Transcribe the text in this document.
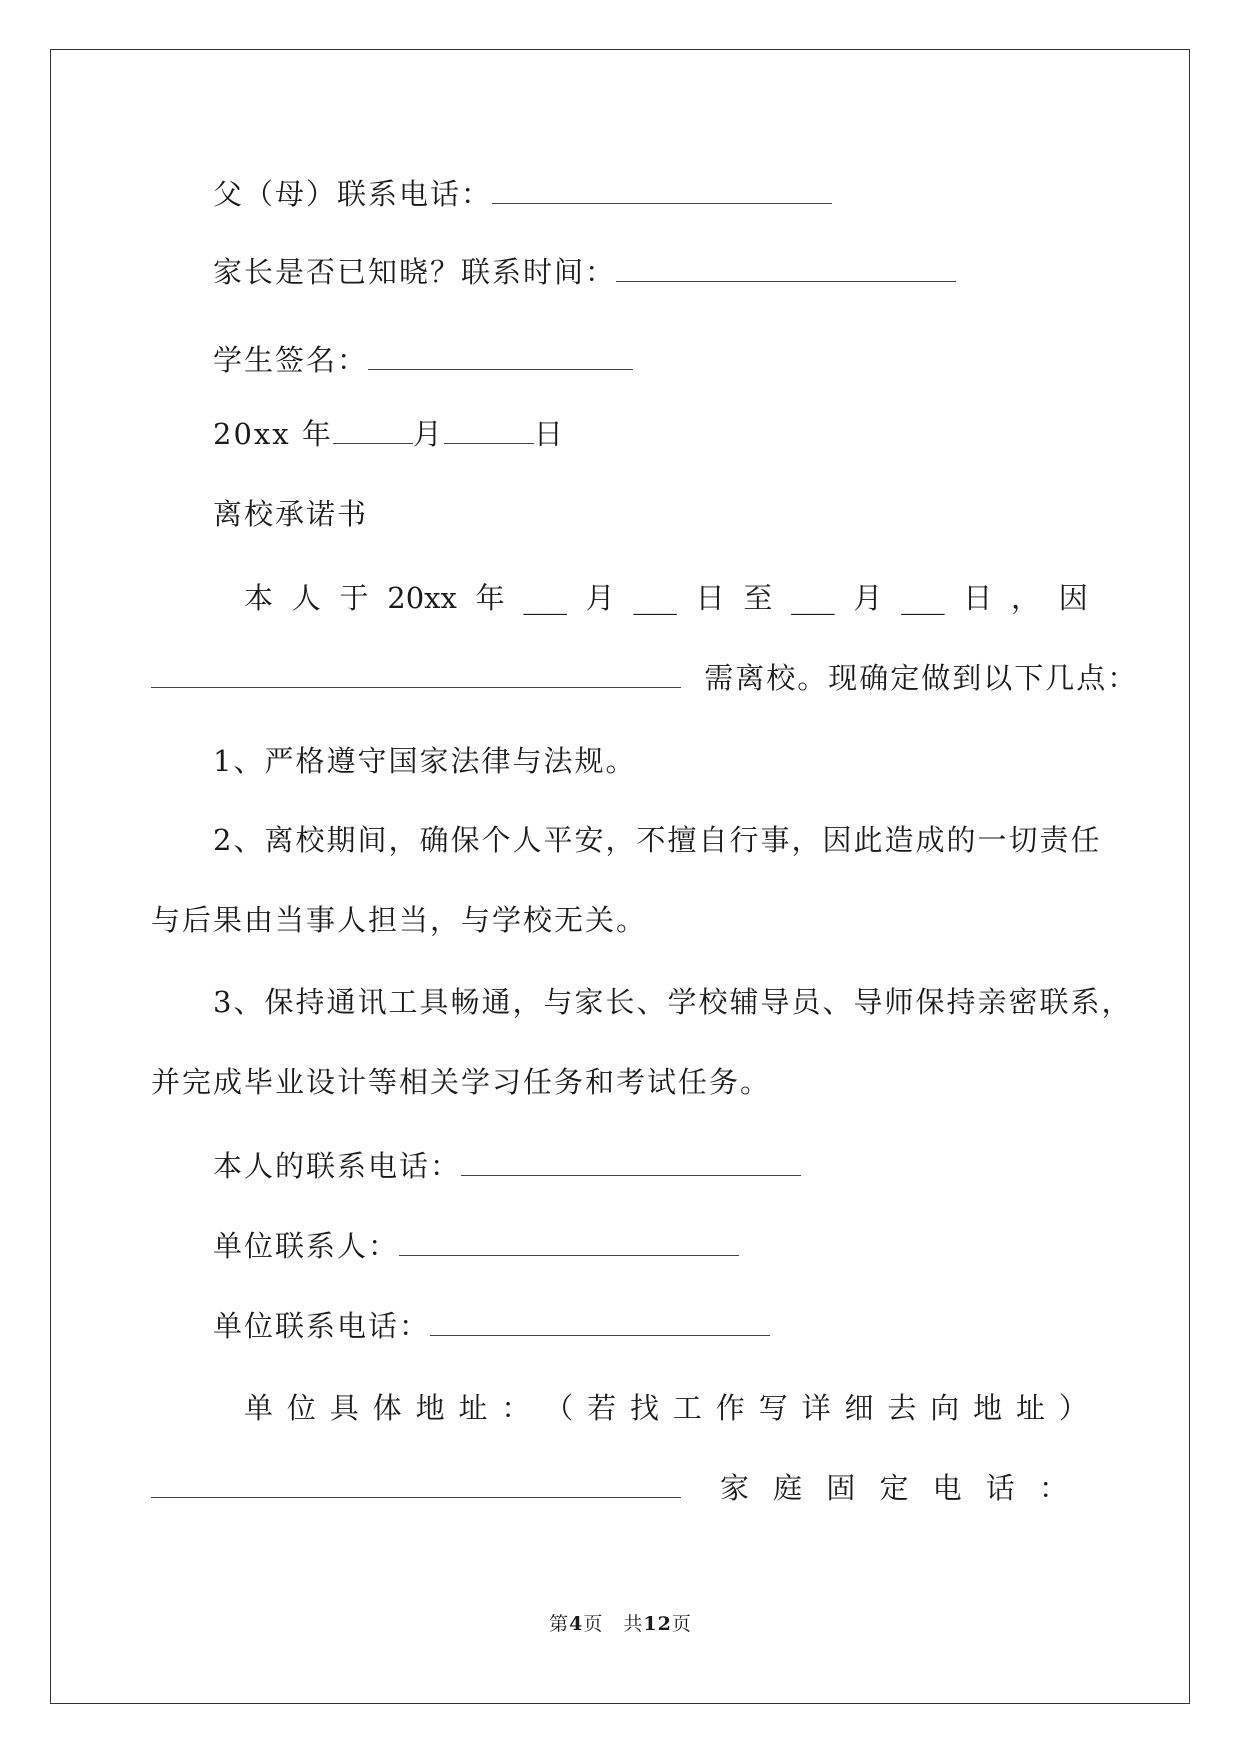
父（母）联系电话：
家长是否已知晓？联系时间：
学生签名：
20xx 年	月	日
离校承诺书
本 人 于 20xx 年 ___ 月 ___ 日 至 ___ 月 ___ 日 ， 因
需离校。现确定做到以下几点：
1、严格遵守国家法律与法规。
2、离校期间，确保个人平安，不擅自行事，因此造成的一切责任
与后果由当事人担当，与学校无关。
3、保持通讯工具畅通，与家长、学校辅导员、导师保持亲密联系，
并完成毕业设计等相关学习任务和考试任务。
本人的联系电话：
单位联系人：
单位联系电话：
单 位 具 体 地 址 ： （ 若 找 工 作 写 详 细 去 向 地 址 ）
家 庭 固 定 电 话 ：
第4页　共12页
